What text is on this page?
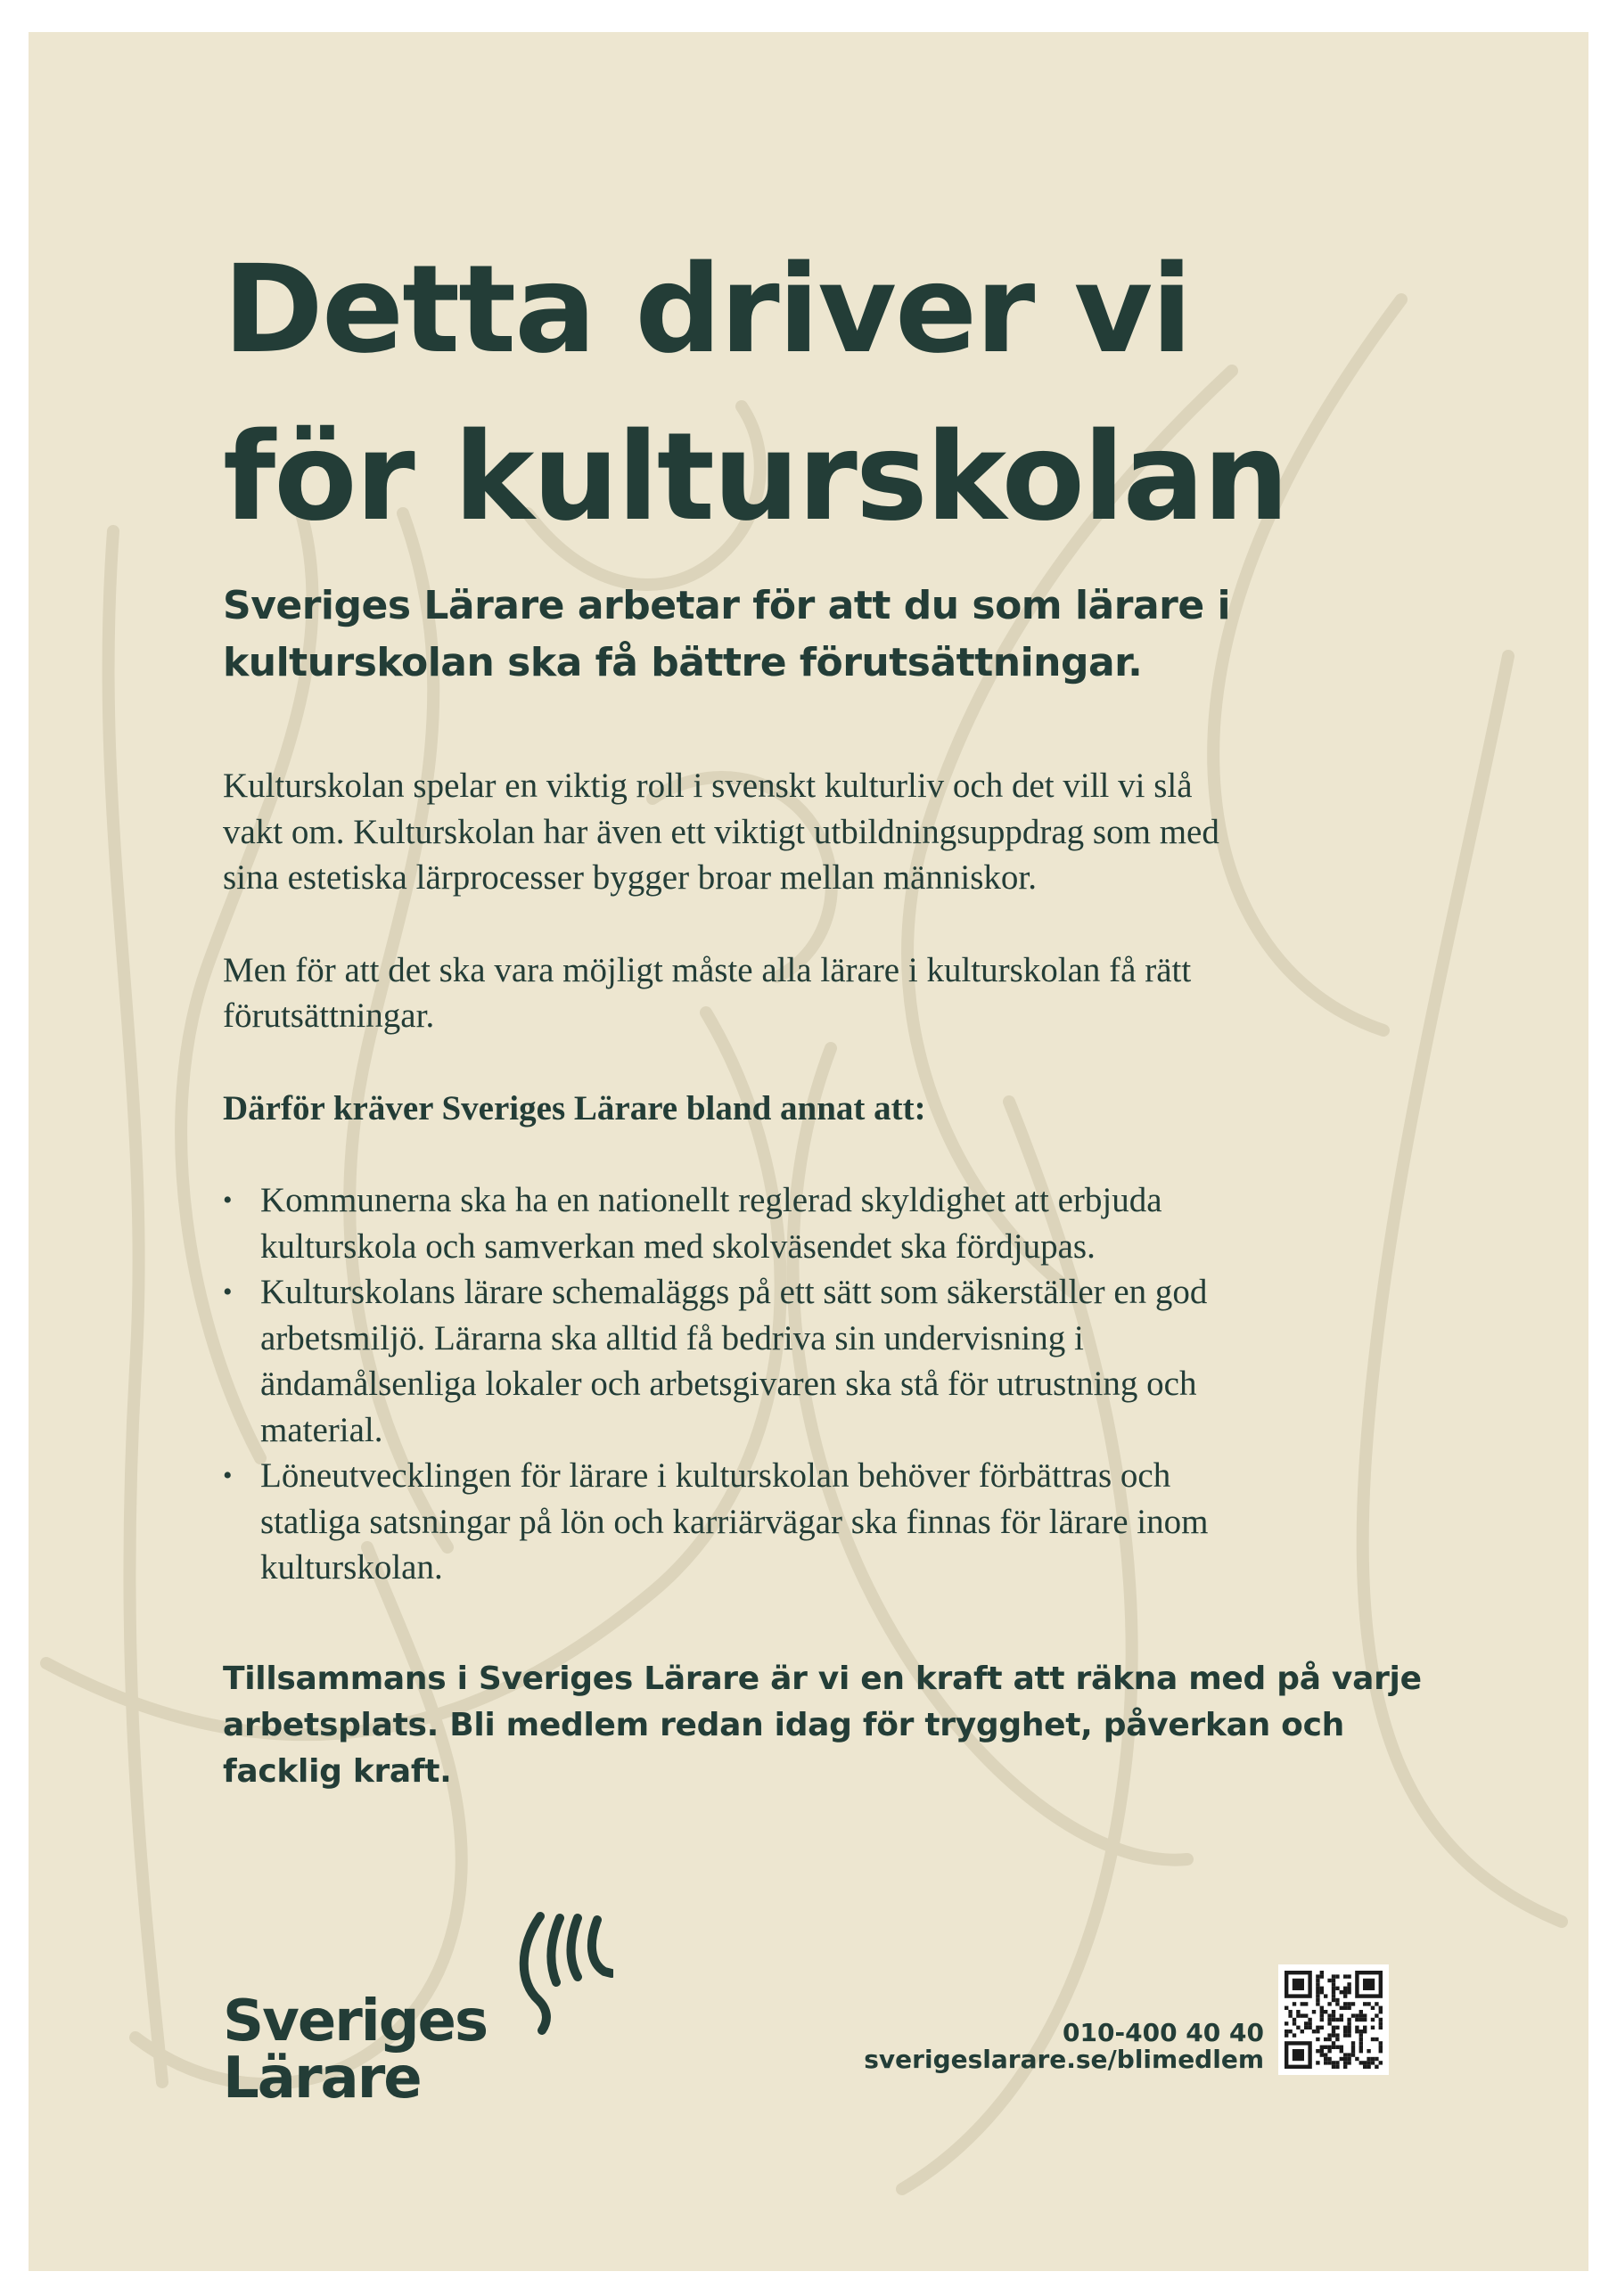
Detta driver vi
för kulturskolan
Sveriges Lärare arbetar för att du som lärare i
kulturskolan ska få bättre förutsättningar.

Kulturskolan spelar en viktig roll i svenskt kulturliv och det vill vi slå
vakt om. Kulturskolan har även ett viktigt utbildningsuppdrag som med
sina estetiska lärprocesser bygger broar mellan människor.

Men för att det ska vara möjligt måste alla lärare i kulturskolan få rätt
förutsättningar.

Därför kräver Sveriges Lärare bland annat att:

• Kommunerna ska ha en nationellt reglerad skyldighet att erbjuda
kulturskola och samverkan med skolväsendet ska fördjupas.
• Kulturskolans lärare schemaläggs på ett sätt som säkerställer en god
arbetsmiljö. Lärarna ska alltid få bedriva sin undervisning i
ändamålsenliga lokaler och arbetsgivaren ska stå för utrustning och
material.
• Löneutvecklingen för lärare i kulturskolan behöver förbättras och
statliga satsningar på lön och karriärvägar ska finnas för lärare inom
kulturskolan.

Tillsammans i Sveriges Lärare är vi en kraft att räkna med på varje
arbetsplats. Bli medlem redan idag för trygghet, påverkan och
facklig kraft.

Sveriges
Lärare
010-400 40 40
sverigeslarare.se/blimedlem
